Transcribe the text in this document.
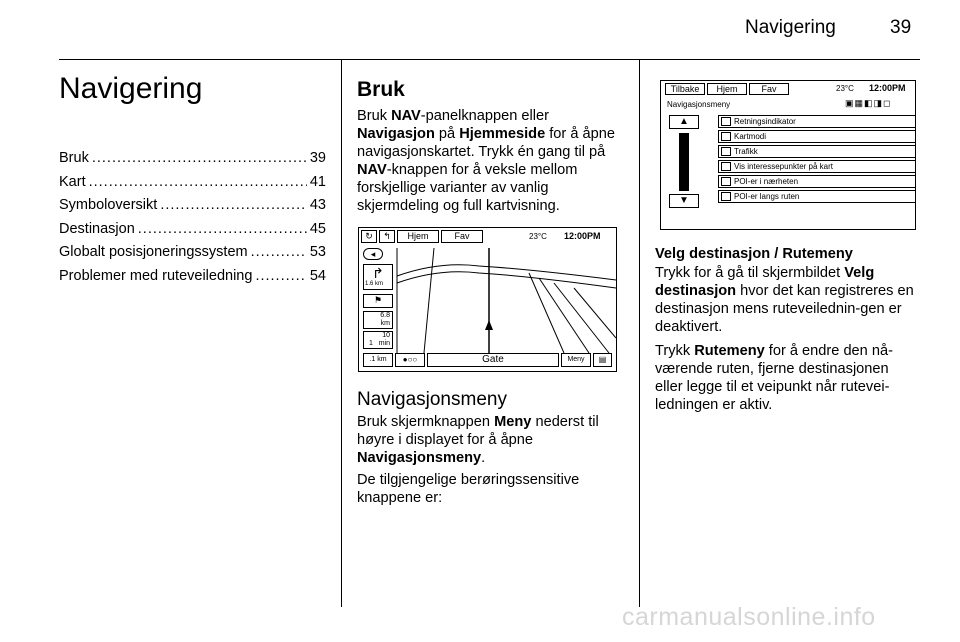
Navigering	39
Navigering
Bruk .....	39
Kart .....	41
Symboloversikt .....	43
Destinasjon .....	45
Globalt posisjoneringssystem .....	53
Problemer med ruteveiledning .....	54
Bruk
Bruk NAV-panelknappen eller Navigasjon på Hjemmeside for å åpne navigasjonskartet. Trykk én gang til på NAV-knappen for å veksle mellom forskjellige varianter av vanlig skjermdeling og full kartvisning.
↻	↰	Hjem	Fav	23°C 12:00PM
◂
↱
1.6 km
⚑
6.8
km
10
1 min
.1 km	●○○	Gate	Meny	▤
Navigasjonsmeny
Bruk skjermknappen Meny nederst til høyre i displayet for å åpne Navigasjonsmeny.
De tilgjengelige berøringssensitive knappene er:
Tilbake	Hjem	Fav	23°C 12:00PM
Navigasjonsmeny	▣▦◧◨◻
▲
▼
Retningsindikator
Kartmodi
Trafikk
Vis interessepunkter på kart
POI-er i nærheten
POI-er langs ruten
Velg destinasjon / Rutemeny
Trykk for å gå til skjermbildet Velg destinasjon hvor det kan registreres en destinasjon mens ruteveilednin-gen er deaktivert.
Trykk Rutemeny for å endre den nå-værende ruten, fjerne destinasjonen eller legge til et veipunkt når rutevei-ledningen er aktiv.
carmanualsonline.info
